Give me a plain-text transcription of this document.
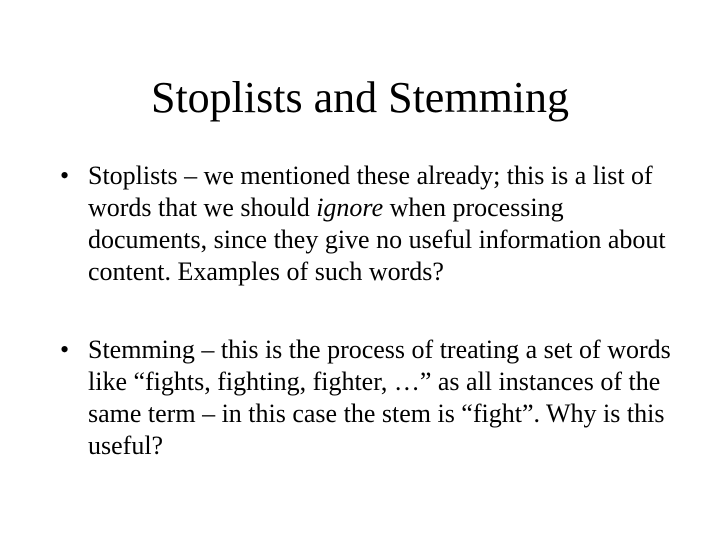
Stoplists and Stemming
• Stoplists – we mentioned these already; this is a list of words that we should ignore when processing documents, since they give no useful information about content. Examples of such words?
• Stemming – this is the process of treating a set of words like “fights, fighting, fighter, …” as all instances of the same term – in this case the stem is “fight”. Why is this useful?
